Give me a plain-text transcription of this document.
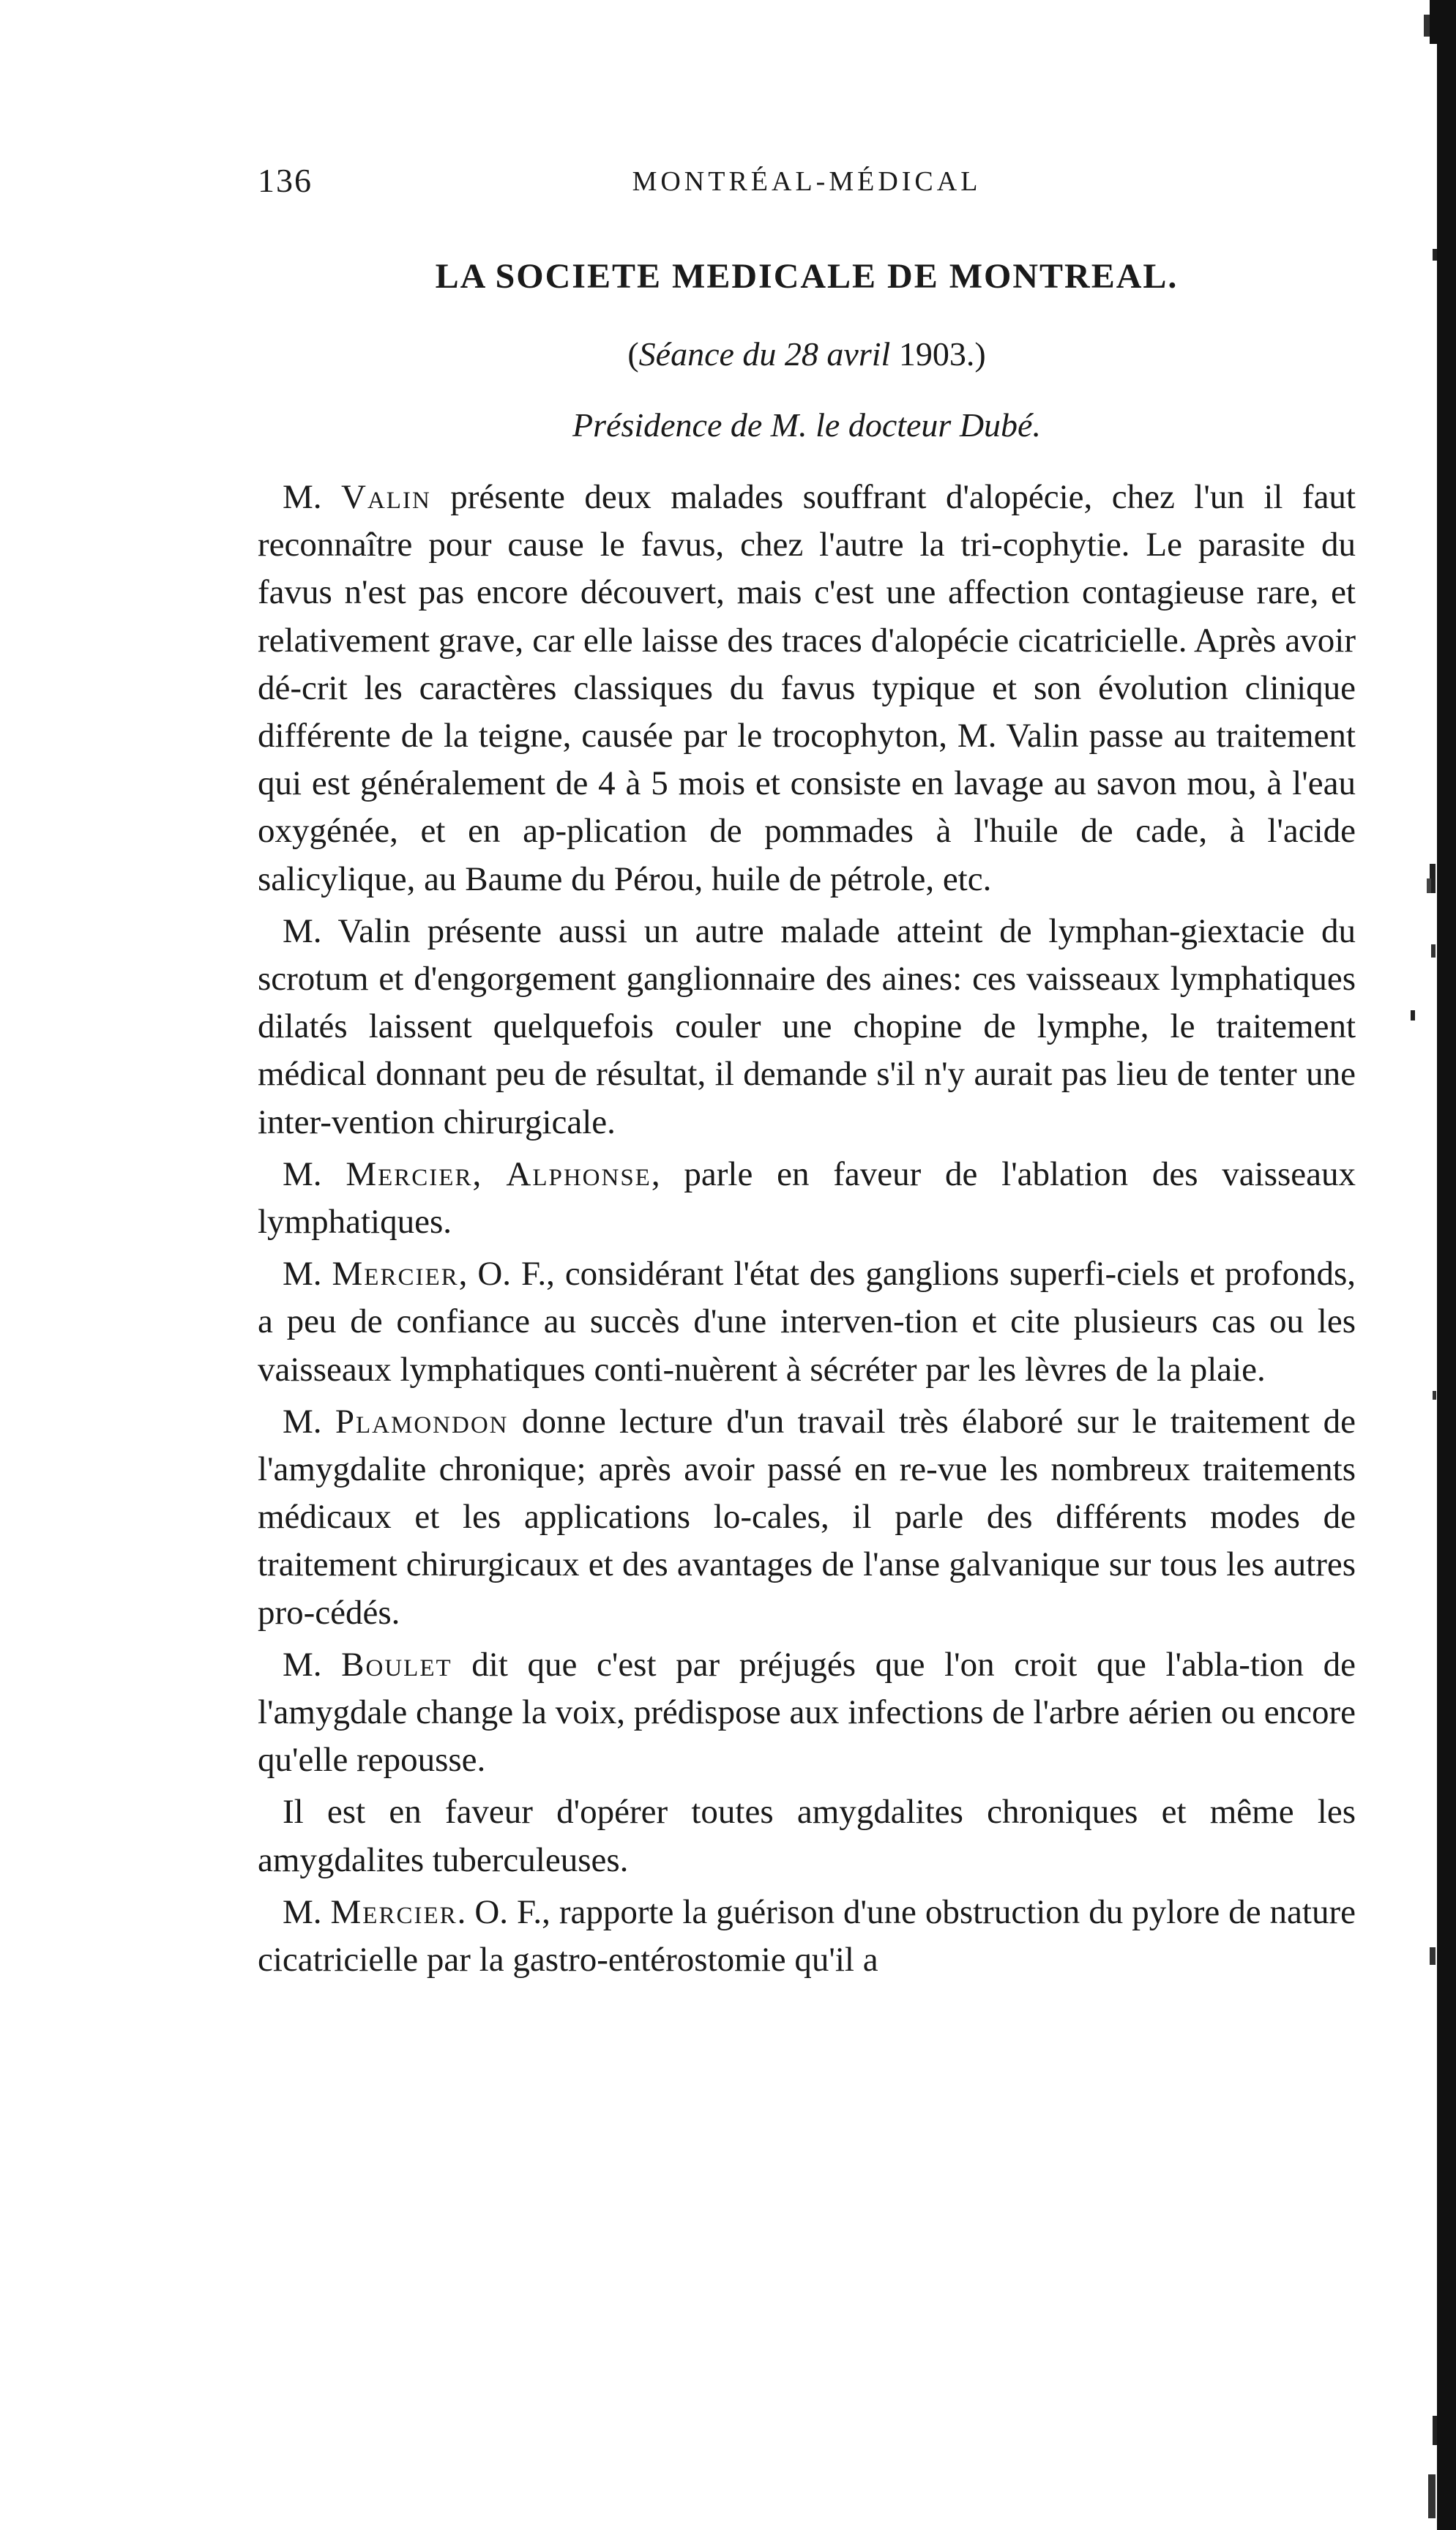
136	MONTRÉAL-MÉDICAL
LA SOCIETE MEDICALE DE MONTREAL.
(Séance du 28 avril 1903.)
Présidence de M. le docteur Dubé.

M. Valin présente deux malades souffrant d'alopécie, chez l'un il faut reconnaître pour cause le favus, chez l'autre la tri-cophytie. Le parasite du favus n'est pas encore découvert, mais c'est une affection contagieuse rare, et relativement grave, car elle laisse des traces d'alopécie cicatricielle. Après avoir dé-crit les caractères classiques du favus typique et son évolution clinique différente de la teigne, causée par le trocophyton, M. Valin passe au traitement qui est généralement de 4 à 5 mois et consiste en lavage au savon mou, à l'eau oxygénée, et en ap-plication de pommades à l'huile de cade, à l'acide salicylique, au Baume du Pérou, huile de pétrole, etc.

M. Valin présente aussi un autre malade atteint de lymphan-giextacie du scrotum et d'engorgement ganglionnaire des aines: ces vaisseaux lymphatiques dilatés laissent quelquefois couler une chopine de lymphe, le traitement médical donnant peu de résultat, il demande s'il n'y aurait pas lieu de tenter une inter-vention chirurgicale.

M. Mercier, Alphonse, parle en faveur de l'ablation des vaisseaux lymphatiques.

M. Mercier, O. F., considérant l'état des ganglions superfi-ciels et profonds, a peu de confiance au succès d'une interven-tion et cite plusieurs cas ou les vaisseaux lymphatiques conti-nuèrent à sécréter par les lèvres de la plaie.

M. Plamondon donne lecture d'un travail très élaboré sur le traitement de l'amygdalite chronique; après avoir passé en re-vue les nombreux traitements médicaux et les applications lo-cales, il parle des différents modes de traitement chirurgicaux et des avantages de l'anse galvanique sur tous les autres pro-cédés.

M. Boulet dit que c'est par préjugés que l'on croit que l'abla-tion de l'amygdale change la voix, prédispose aux infections de l'arbre aérien ou encore qu'elle repousse.

Il est en faveur d'opérer toutes amygdalites chroniques et même les amygdalites tuberculeuses.

M. Mercier. O. F., rapporte la guérison d'une obstruction du pylore de nature cicatricielle par la gastro-entérostomie qu'il a
